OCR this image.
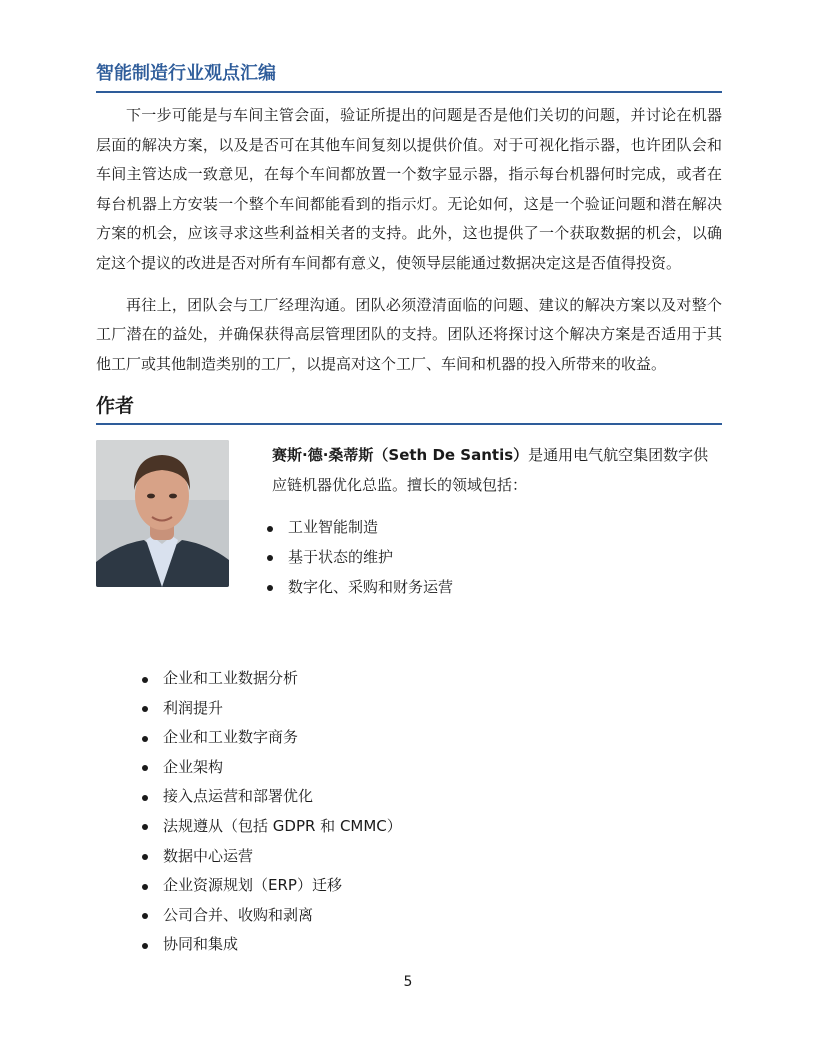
智能制造行业观点汇编

下一步可能是与车间主管会面，验证所提出的问题是否是他们关切的问题，并讨论在机器层面的解决方案，以及是否可在其他车间复刻以提供价值。对于可视化指示器，也许团队会和车间主管达成一致意见，在每个车间都放置一个数字显示器，指示每台机器何时完成，或者在每台机器上方安装一个整个车间都能看到的指示灯。无论如何，这是一个验证问题和潜在解决方案的机会，应该寻求这些利益相关者的支持。此外，这也提供了一个获取数据的机会，以确定这个提议的改进是否对所有车间都有意义，使领导层能通过数据决定这是否值得投资。

再往上，团队会与工厂经理沟通。团队必须澄清面临的问题、建议的解决方案以及对整个工厂潜在的益处，并确保获得高层管理团队的支持。团队还将探讨这个解决方案是否适用于其他工厂或其他制造类别的工厂，以提高对这个工厂、车间和机器的投入所带来的收益。

作者

赛斯·德·桑蒂斯（Seth De Santis）是通用电气航空集团数字供应链机器优化总监。擅长的领域包括：

工业智能制造
基于状态的维护
数字化、采购和财务运营
企业和工业数据分析
利润提升
企业和工业数字商务
企业架构
接入点运营和部署优化
法规遵从（包括 GDPR 和 CMMC）
数据中心运营
企业资源规划（ERP）迁移
公司合并、收购和剥离
协同和集成
5
